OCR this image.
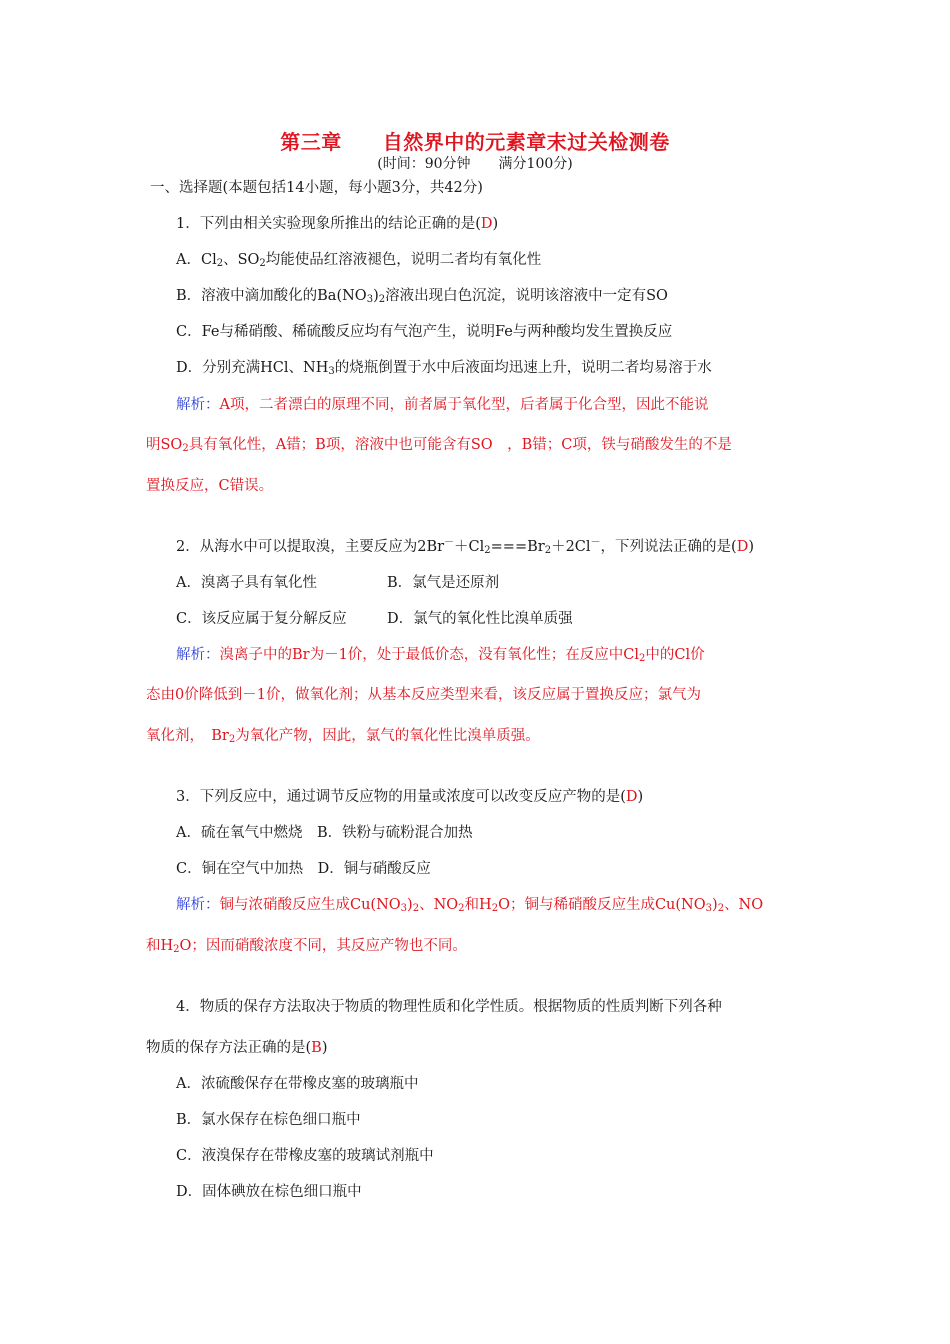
第三章　　自然界中的元素章末过关检测卷
(时间：90分钟　　满分100分)
一、选择题(本题包括14小题，每小题3分，共42分)
1．下列由相关实验现象所推出的结论正确的是(D)
A．$Cl_2$、$SO_2$均能使品红溶液褪色，说明二者均有氧化性
B．溶液中滴加酸化的$Ba(NO_3)_2$溶液出现白色沉淀，说明该溶液中一定有SO
C．Fe与稀硝酸、稀硫酸反应均有气泡产生，说明Fe与两种酸均发生置换反应
D．分别充满HCl、$NH_3$的烧瓶倒置于水中后液面均迅速上升，说明二者均易溶于水
解析：A项，二者漂白的原理不同，前者属于氧化型，后者属于化合型，因此不能说
明$SO_2$具有氧化性，A错；B项，溶液中也可能含有SO　，B错；C项，铁与硝酸发生的不是
置换反应，C错误。
2．从海水中可以提取溴，主要反应为$2Br^-+Cl_2===Br_2+2Cl^-$，下列说法正确的是(D)
A．溴离子具有氧化性	B．氯气是还原剂
C．该反应属于复分解反应	D．氯气的氧化性比溴单质强
解析：溴离子中的Br为－1价，处于最低价态，没有氧化性；在反应中$Cl_2$中的Cl价
态由0价降低到－1价，做氧化剂；从基本反应类型来看，该反应属于置换反应；氯气为
氧化剂，　$Br_2$为氧化产物，因此，氯气的氧化性比溴单质强。
3．下列反应中，通过调节反应物的用量或浓度可以改变反应产物的是(D)
A．硫在氧气中燃烧　B．铁粉与硫粉混合加热
C．铜在空气中加热　D．铜与硝酸反应
解析：铜与浓硝酸反应生成$Cu(NO_3)_2$、$NO_2$和$H_2O$；铜与稀硝酸反应生成$Cu(NO_3)_2$、NO
和$H_2O$；因而硝酸浓度不同，其反应产物也不同。
4．物质的保存方法取决于物质的物理性质和化学性质。根据物质的性质判断下列各种
物质的保存方法正确的是(B)
A．浓硫酸保存在带橡皮塞的玻璃瓶中
B．氯水保存在棕色细口瓶中
C．液溴保存在带橡皮塞的玻璃试剂瓶中
D．固体碘放在棕色细口瓶中
